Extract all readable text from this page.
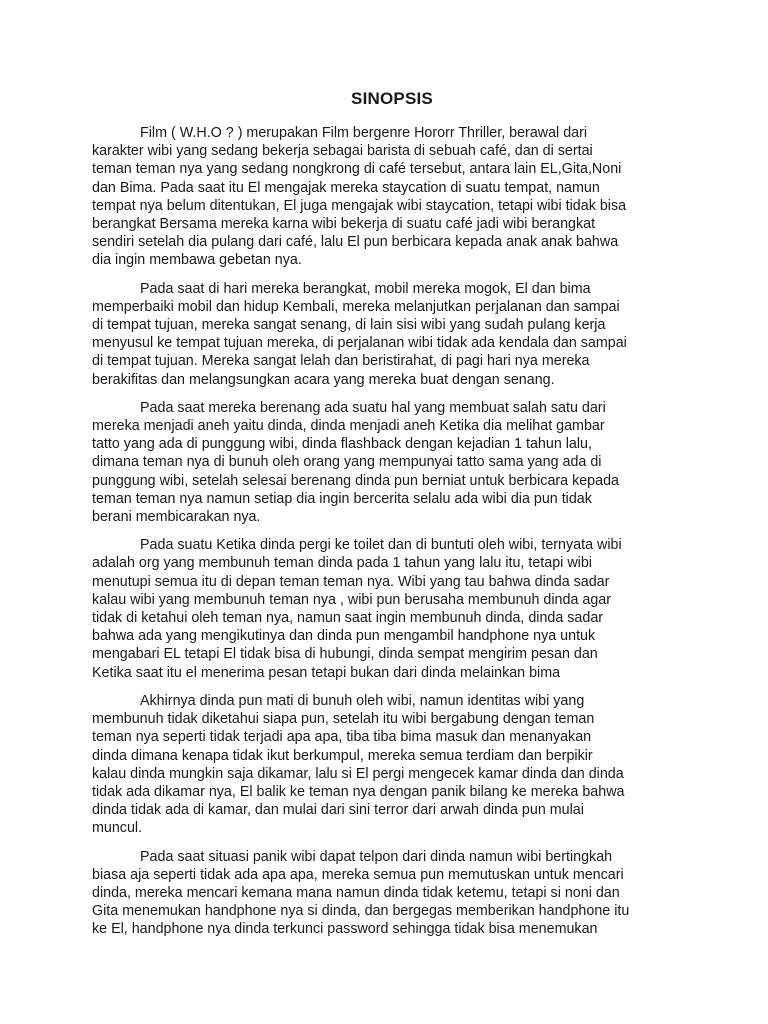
SINOPSIS

Film ( W.H.O ? ) merupakan Film bergenre Hororr Thriller, berawal dari
karakter wibi yang sedang bekerja sebagai barista di sebuah café, dan di sertai
teman teman nya yang sedang nongkrong di café tersebut, antara lain EL,Gita,Noni
dan Bima. Pada saat itu El mengajak mereka staycation di suatu tempat, namun
tempat nya belum ditentukan, El juga mengajak wibi staycation, tetapi wibi tidak bisa
berangkat Bersama mereka karna wibi bekerja di suatu café jadi wibi berangkat
sendiri setelah dia pulang dari café, lalu El pun berbicara kepada anak anak bahwa
dia ingin membawa gebetan nya.

Pada saat di hari mereka berangkat, mobil mereka mogok, El dan bima
memperbaiki mobil dan hidup Kembali, mereka melanjutkan perjalanan dan sampai
di tempat tujuan, mereka sangat senang, di lain sisi wibi yang sudah pulang kerja
menyusul ke tempat tujuan mereka, di perjalanan wibi tidak ada kendala dan sampai
di tempat tujuan. Mereka sangat lelah dan beristirahat, di pagi hari nya mereka
berakifitas dan melangsungkan acara yang mereka buat dengan senang.

Pada saat mereka berenang ada suatu hal yang membuat salah satu dari
mereka menjadi aneh yaitu dinda, dinda menjadi aneh Ketika dia melihat gambar
tatto yang ada di punggung wibi, dinda flashback dengan kejadian 1 tahun lalu,
dimana teman nya di bunuh oleh orang yang mempunyai tatto sama yang ada di
punggung wibi, setelah selesai berenang dinda pun berniat untuk berbicara kepada
teman teman nya namun setiap dia ingin bercerita selalu ada wibi dia pun tidak
berani membicarakan nya.

Pada suatu Ketika dinda pergi ke toilet dan di buntuti oleh wibi, ternyata wibi
adalah org yang membunuh teman dinda pada 1 tahun yang lalu itu, tetapi wibi
menutupi semua itu di depan teman teman nya. Wibi yang tau bahwa dinda sadar
kalau wibi yang membunuh teman nya , wibi pun berusaha membunuh dinda agar
tidak di ketahui oleh teman nya, namun saat ingin membunuh dinda, dinda sadar
bahwa ada yang mengikutinya dan dinda pun mengambil handphone nya untuk
mengabari EL tetapi El tidak bisa di hubungi, dinda sempat mengirim pesan dan
Ketika saat itu el menerima pesan tetapi bukan dari dinda melainkan bima

Akhirnya dinda pun mati di bunuh oleh wibi, namun identitas wibi yang
membunuh tidak diketahui siapa pun, setelah itu wibi bergabung dengan teman
teman nya seperti tidak terjadi apa apa, tiba tiba bima masuk dan menanyakan
dinda dimana kenapa tidak ikut berkumpul, mereka semua terdiam dan berpikir
kalau dinda mungkin saja dikamar, lalu si El pergi mengecek kamar dinda dan dinda
tidak ada dikamar nya, El balik ke teman nya dengan panik bilang ke mereka bahwa
dinda tidak ada di kamar, dan mulai dari sini terror dari arwah dinda pun mulai
muncul.

Pada saat situasi panik wibi dapat telpon dari dinda namun wibi bertingkah
biasa aja seperti tidak ada apa apa, mereka semua pun memutuskan untuk mencari
dinda, mereka mencari kemana mana namun dinda tidak ketemu, tetapi si noni dan
Gita menemukan handphone nya si dinda, dan bergegas memberikan handphone itu
ke El, handphone nya dinda terkunci password sehingga tidak bisa menemukan
